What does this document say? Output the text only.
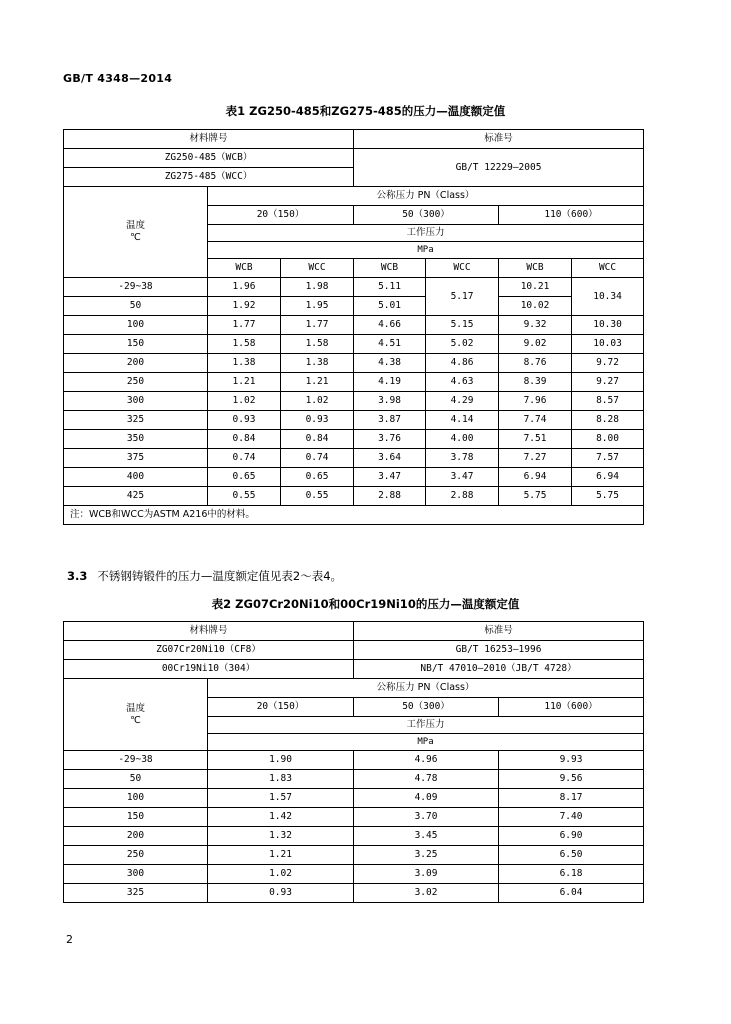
GB/T 4348—2014
表1 ZG250-485和ZG275-485的压力—温度额定值
材料牌号			标准号			
ZG250-485（WCB）			GB/T 12229—2005			
ZG275-485（WCC）						

温度
℃	公称压力 PN（Class）					
	20（150）		50（300）		110（600）	
	工作压力					
	MPa					
	WCB	WCC	WCB	WCC	WCB	WCC
-29~38	1.96	1.98	5.11	5.17	10.21	10.34
50	1.92	1.95	5.01		10.02	
100	1.77	1.77	4.66	5.15	9.32	10.30
150	1.58	1.58	4.51	5.02	9.02	10.03
200	1.38	1.38	4.38	4.86	8.76	9.72
250	1.21	1.21	4.19	4.63	8.39	9.27
300	1.02	1.02	3.98	4.29	7.96	8.57
325	0.93	0.93	3.87	4.14	7.74	8.28
350	0.84	0.84	3.76	4.00	7.51	8.00
375	0.74	0.74	3.64	3.78	7.27	7.57
400	0.65	0.65	3.47	3.47	6.94	6.94
425	0.55	0.55	2.88	2.88	5.75	5.75
注：WCB和WCC为ASTM A216中的材料。						
3.3 不锈钢铸锻件的压力—温度额定值见表2～表4。
表2 ZG07Cr20Ni10和00Cr19Ni10的压力—温度额定值
材料牌号		标准号	
ZG07Cr20Ni10（CF8）		GB/T 16253—1996	
00Cr19Ni10（304）		NB/T 47010—2010（JB/T 4728）	

温度
℃	公称压力 PN（Class）		
	20（150）	50（300）	110（600）
	工作压力		
	MPa		
-29~38	1.90	4.96	9.93
50	1.83	4.78	9.56
100	1.57	4.09	8.17
150	1.42	3.70	7.40
200	1.32	3.45	6.90
250	1.21	3.25	6.50
300	1.02	3.09	6.18
325	0.93	3.02	6.04
2
